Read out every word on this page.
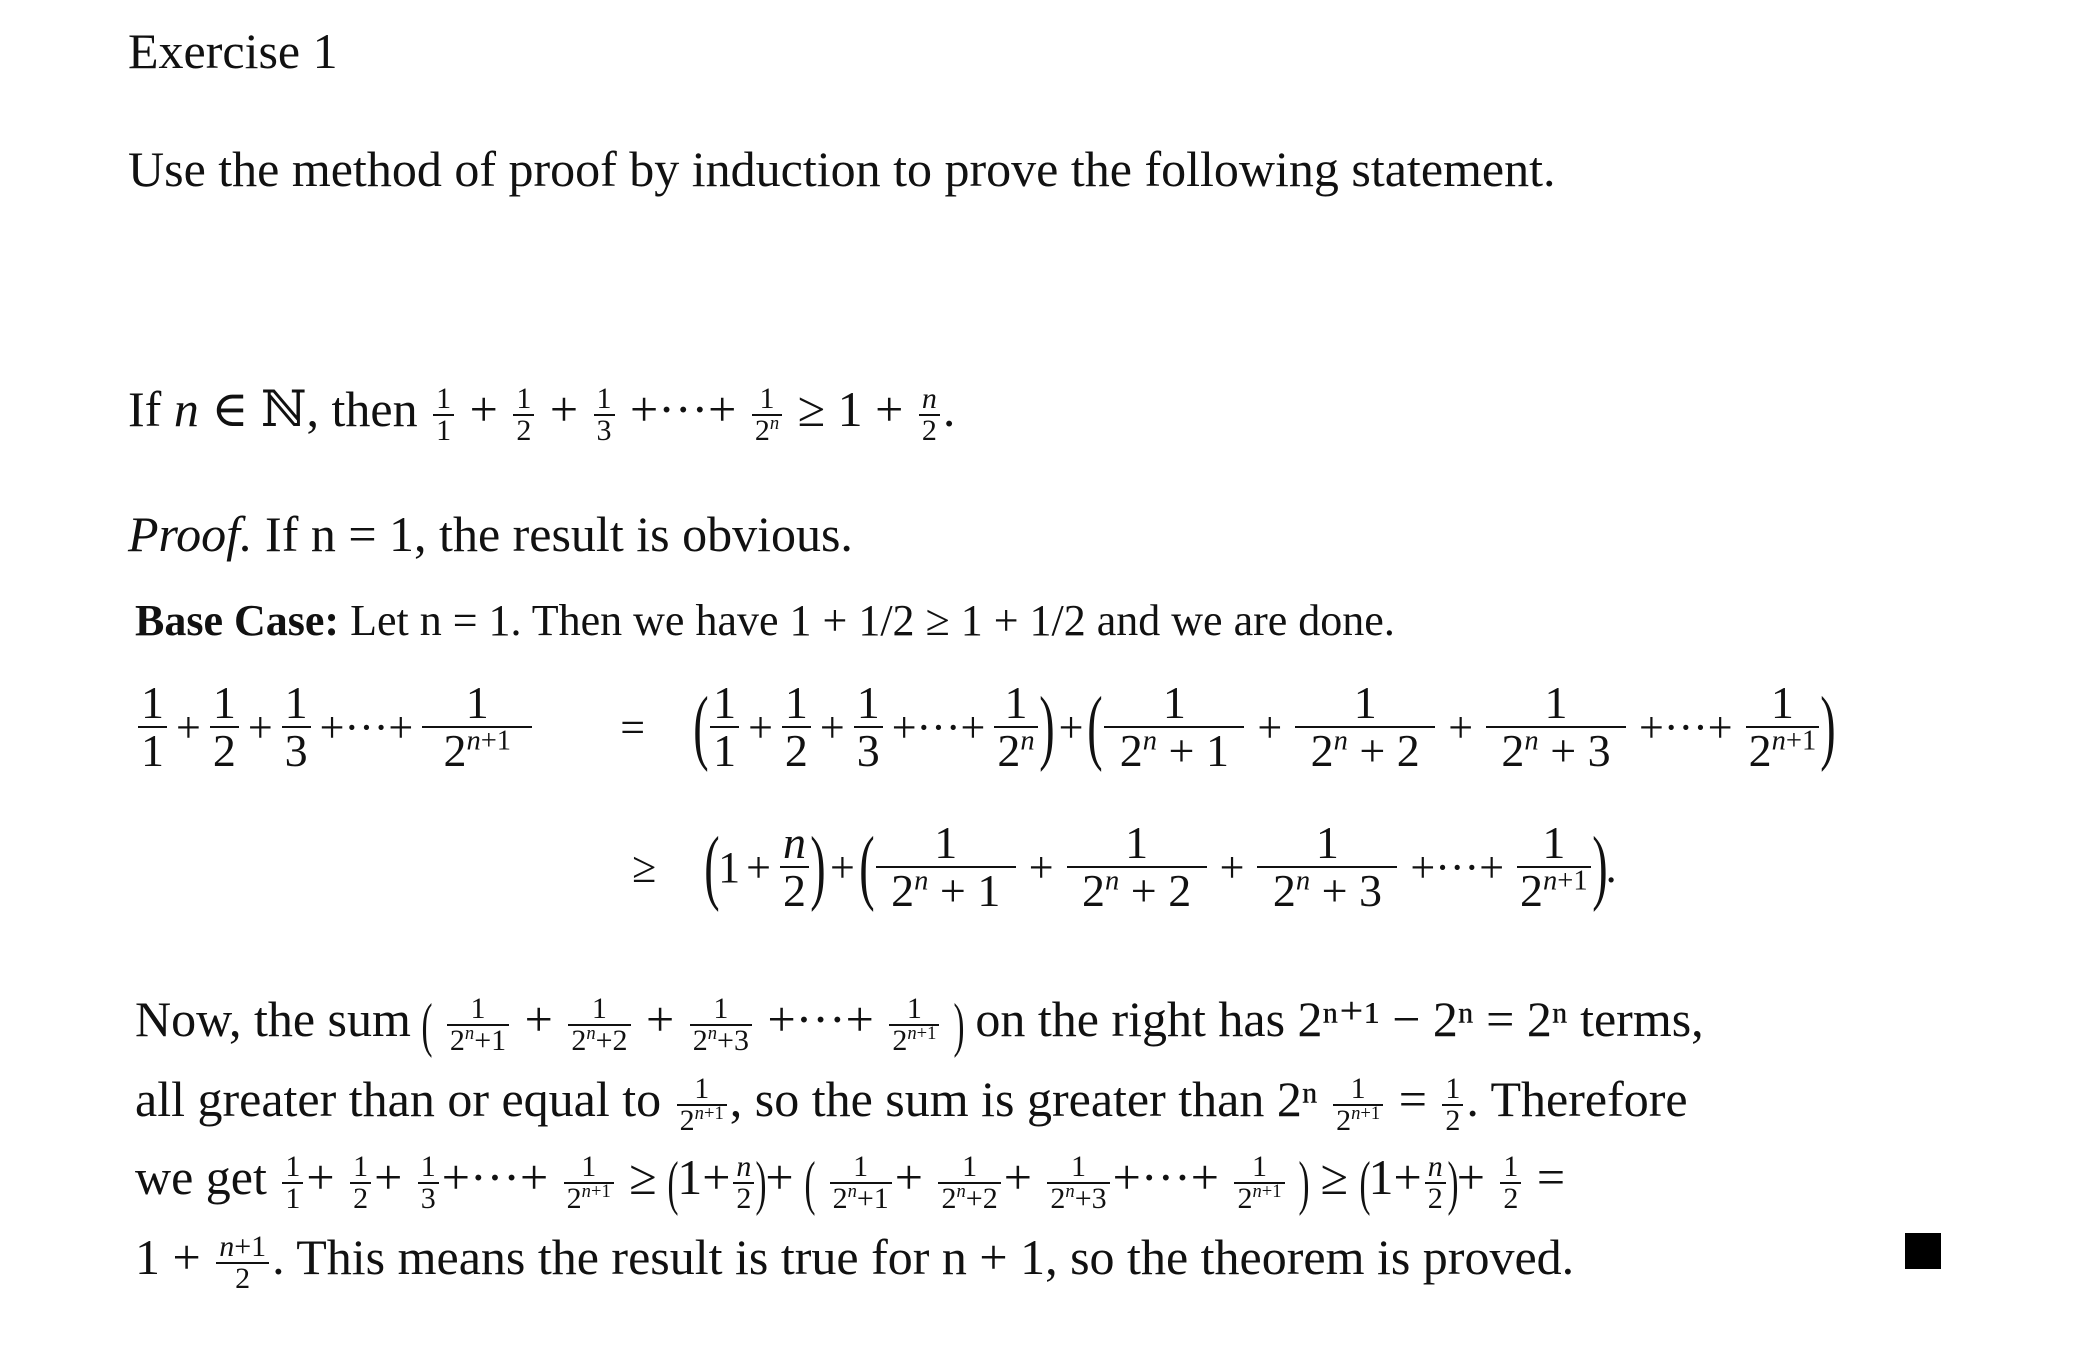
Exercise 1
Use the method of proof by induction to prove the following statement.
If n ∈ ℕ, then $\frac{1}{1} + \frac{1}{2} + \frac{1}{3}$ +···+ $\frac{1}{2^n} \ge 1 + \frac{n}{2}$ .
Proof. If n = 1, the result is obvious.
Base Case: Let n = 1. Then we have 1 + 1/2 ≥ 1 + 1/2 and we are done.
1
$1 + \frac{1}{2} + \frac{1}{3}$ +···+ $\frac{1}{2^{n+1}}$ = ( 1
$1 + \frac{1}{2} + \frac{1}{3}$ +···+ $\frac{1}{2^n}$ ) + (	1
$2^n + 1 + \frac{1}{2^n + 2} + \frac{1}{2^n + 3}$ +···+ $\frac{1}{2^{n+1}}$ )
≥ (
$1 + \frac{n}{2}$ ) + (	1
$2^n + 1 + \frac{1}{2^n + 2} + \frac{1}{2^n + 3}$ +···+ $\frac{1}{2^{n+1}}$ )
.
Now, the sum ( $\frac{1}{2^n+1} + \frac{1}{2^n+2} + \frac{1}{2^n+3}$ +···+ $\frac{1}{2^{n+1}}$ ) on the right has 2ⁿ⁺¹ − 2ⁿ = 2ⁿ terms,
all greater than or equal to $\frac{1}{2^{n+1}}$ , so the sum is greater than $2^n \frac{1}{2^{n+1}} = \frac{1}{2}$ . Therefore
we get $\frac{1}{1} + \frac{1}{2} + \frac{1}{3}$ +···+ $\frac{1}{2^{n+1}} \ge (1+ \frac{n}{2}$ )+ ( $\frac{1}{2^n+1} + \frac{1}{2^n+2} + \frac{1}{2^n+3}$ +···+ $\frac{1}{2^{n+1}}$ ) ≥ ($1+ \frac{n}{2}$ )+ $\frac{1}{2}$ =
$1 + \frac{n+1}{2}$ . This means the result is true for n + 1, so the theorem is proved.
